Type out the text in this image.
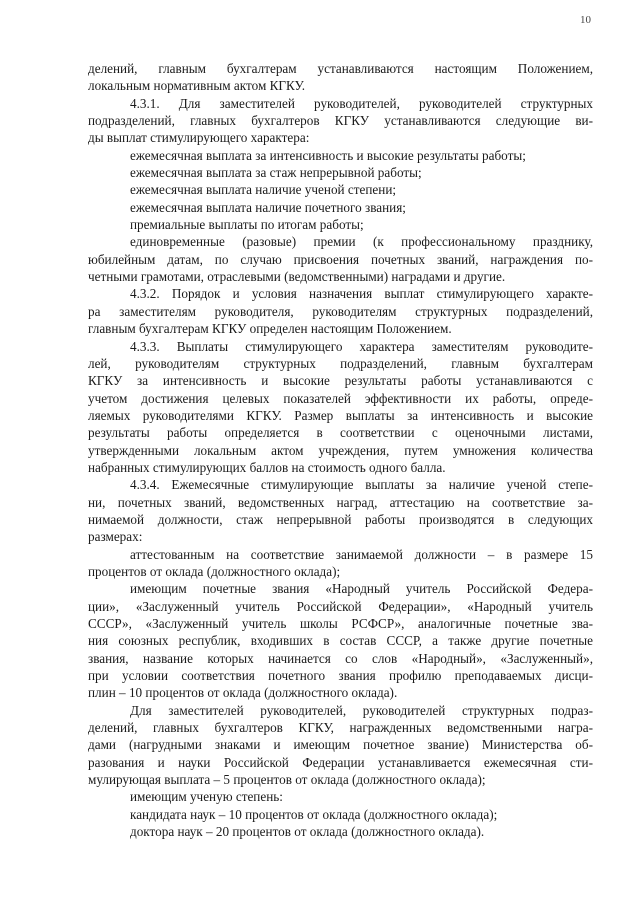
10
делений, главным бухгалтерам устанавливаются настоящим Положением,
локальным нормативным актом КГКУ.
4.3.1. Для заместителей руководителей, руководителей структурных
подразделений, главных бухгалтеров КГКУ устанавливаются следующие ви-
ды выплат стимулирующего характера:
ежемесячная выплата за интенсивность и высокие результаты работы;
ежемесячная выплата за стаж непрерывной работы;
ежемесячная выплата наличие ученой степени;
ежемесячная выплата наличие почетного звания;
премиальные выплаты по итогам работы;
единовременные (разовые) премии (к профессиональному празднику,
юбилейным датам, по случаю присвоения почетных званий, награждения по-
четными грамотами, отраслевыми (ведомственными) наградами и другие.
4.3.2. Порядок и условия назначения выплат стимулирующего характе-
ра заместителям руководителя, руководителям структурных подразделений,
главным бухгалтерам КГКУ определен настоящим Положением.
4.3.3. Выплаты стимулирующего характера заместителям руководите-
лей, руководителям структурных подразделений, главным бухгалтерам
КГКУ за интенсивность и высокие результаты работы устанавливаются с
учетом достижения целевых показателей эффективности их работы, опреде-
ляемых руководителями КГКУ. Размер выплаты за интенсивность и высокие
результаты работы определяется в соответствии с оценочными листами,
утвержденными локальным актом учреждения, путем умножения количества
набранных стимулирующих баллов на стоимость одного балла.
4.3.4. Ежемесячные стимулирующие выплаты за наличие ученой степе-
ни, почетных званий, ведомственных наград, аттестацию на соответствие за-
нимаемой должности, стаж непрерывной работы производятся в следующих
размерах:
аттестованным на соответствие занимаемой должности – в размере 15
процентов от оклада (должностного оклада);
имеющим почетные звания «Народный учитель Российской Федера-
ции», «Заслуженный учитель Российской Федерации», «Народный учитель
СССР», «Заслуженный учитель школы РСФСР», аналогичные почетные зва-
ния союзных республик, входивших в состав СССР, а также другие почетные
звания, название которых начинается со слов «Народный», «Заслуженный»,
при условии соответствия почетного звания профилю преподаваемых дисци-
плин – 10 процентов от оклада (должностного оклада).
Для заместителей руководителей, руководителей структурных подраз-
делений, главных бухгалтеров КГКУ, награжденных ведомственными награ-
дами (нагрудными знаками и имеющим почетное звание) Министерства об-
разования и науки Российской Федерации устанавливается ежемесячная сти-
мулирующая выплата – 5 процентов от оклада (должностного оклада);
имеющим ученую степень:
кандидата наук – 10 процентов от оклада (должностного оклада);
доктора наук – 20 процентов от оклада (должностного оклада).
